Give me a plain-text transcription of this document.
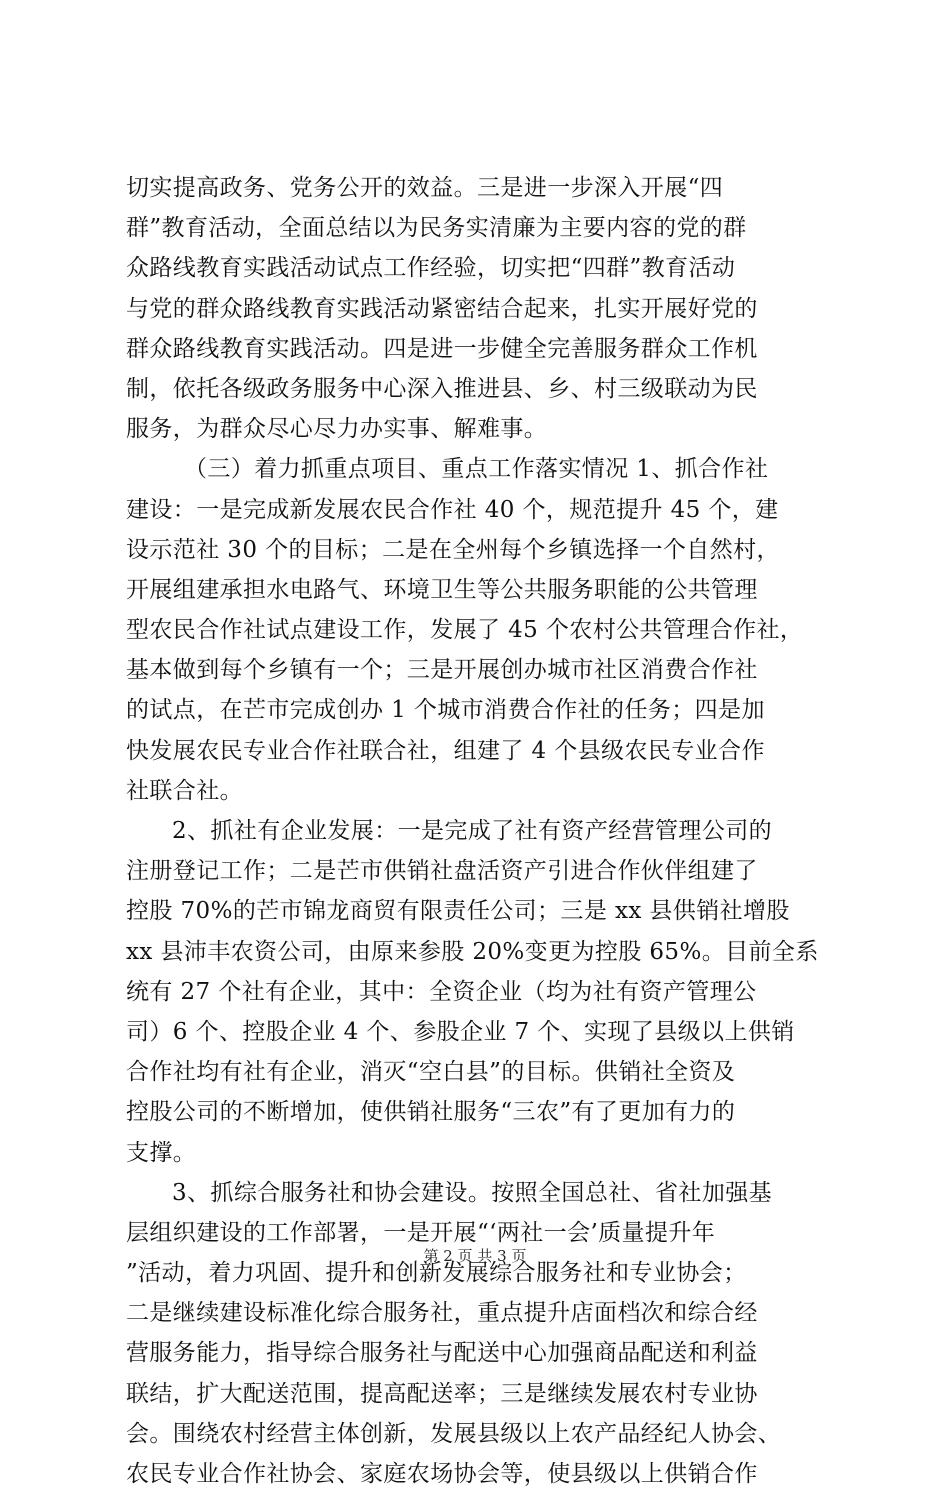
切实提高政务、党务公开的效益。三是进一步深入开展“四
群”教育活动，全面总结以为民务实清廉为主要内容的党的群
众路线教育实践活动试点工作经验，切实把“四群”教育活动
与党的群众路线教育实践活动紧密结合起来，扎实开展好党的
群众路线教育实践活动。四是进一步健全完善服务群众工作机
制，依托各级政务服务中心深入推进县、乡、村三级联动为民
服务，为群众尽心尽力办实事、解难事。
（三）着力抓重点项目、重点工作落实情况 1、抓合作社
建设：一是完成新发展农民合作社 40 个，规范提升 45 个，建
设示范社 30 个的目标；二是在全州每个乡镇选择一个自然村，
开展组建承担水电路气、环境卫生等公共服务职能的公共管理
型农民合作社试点建设工作，发展了 45 个农村公共管理合作社，
基本做到每个乡镇有一个；三是开展创办城市社区消费合作社
的试点，在芒市完成创办 1 个城市消费合作社的任务；四是加
快发展农民专业合作社联合社，组建了 4 个县级农民专业合作
社联合社。
2、抓社有企业发展：一是完成了社有资产经营管理公司的
注册登记工作；二是芒市供销社盘活资产引进合作伙伴组建了
控股 70%的芒市锦龙商贸有限责任公司；三是 xx 县供销社增股
xx 县沛丰农资公司，由原来参股 20%变更为控股 65%。目前全系
统有 27 个社有企业，其中：全资企业（均为社有资产管理公
司）6 个、控股企业 4 个、参股企业 7 个、实现了县级以上供销
合作社均有社有企业，消灭“空白县”的目标。供销社全资及
控股公司的不断增加，使供销社服务“三农”有了更加有力的
支撑。
3、抓综合服务社和协会建设。按照全国总社、省社加强基
层组织建设的工作部署，一是开展“‘两社一会’质量提升年
”活动，着力巩固、提升和创新发展综合服务社和专业协会；
二是继续建设标准化综合服务社，重点提升店面档次和综合经
营服务能力，指导综合服务社与配送中心加强商品配送和利益
联结，扩大配送范围，提高配送率；三是继续发展农村专业协
会。围绕农村经营主体创新，发展县级以上农产品经纪人协会、
农民专业合作社协会、家庭农场协会等，使县级以上供销合作
第 2 页 共 3 页
